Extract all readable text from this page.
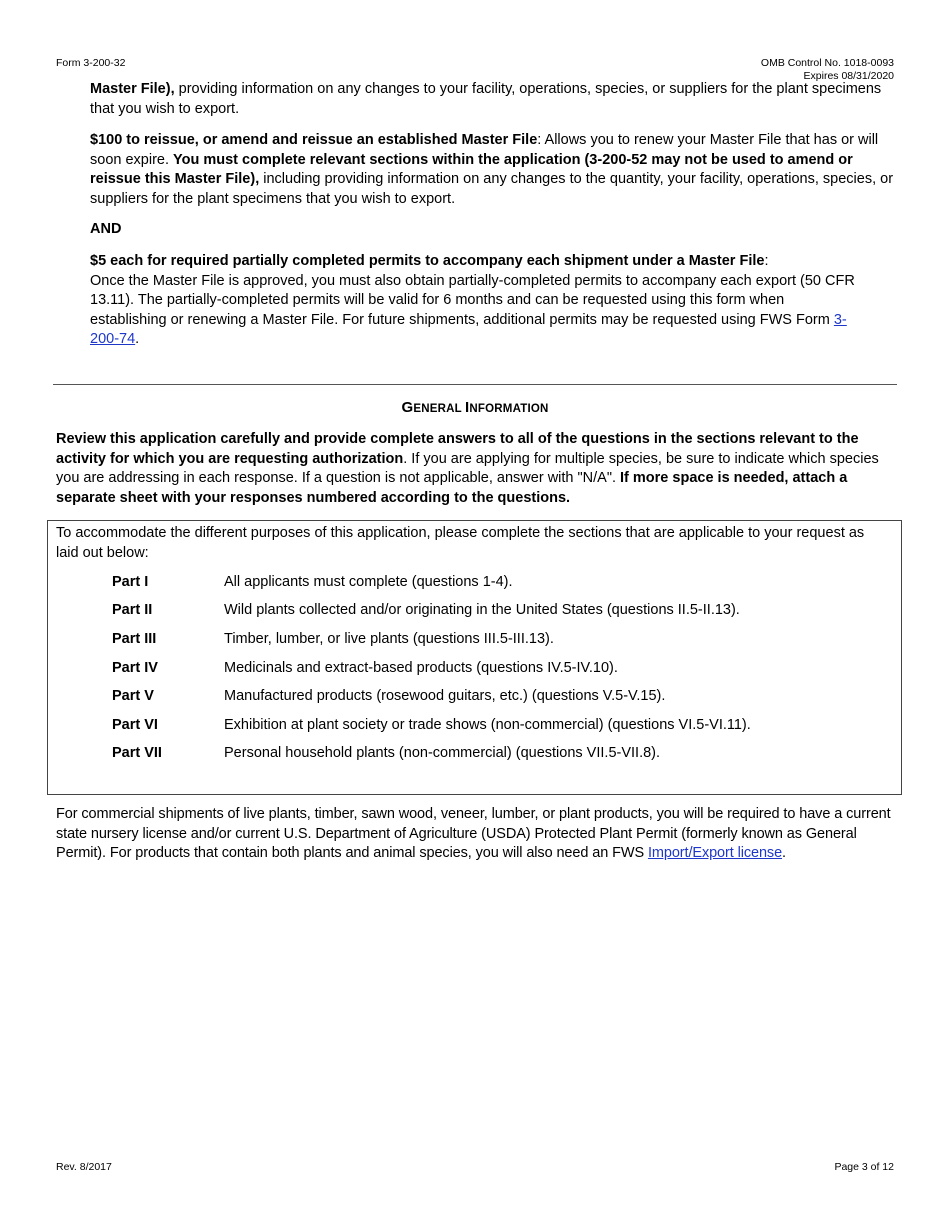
Form 3-200-32	OMB Control No. 1018-0093
Expires 08/31/2020

Master File), providing information on any changes to your facility, operations, species, or suppliers for the plant specimens that you wish to export.

$100 to reissue, or amend and reissue an established Master File: Allows you to renew your Master File that has or will soon expire. You must complete relevant sections within the application (3-200-52 may not be used to amend or reissue this Master File), including providing information on any changes to the quantity, your facility, operations, species, or suppliers for the plant specimens that you wish to export.

AND

$5 each for required partially completed permits to accompany each shipment under a Master File:
Once the Master File is approved, you must also obtain partially-completed permits to accompany each export (50 CFR 13.11). The partially-completed permits will be valid for 6 months and can be requested using this form when establishing or renewing a Master File. For future shipments, additional permits may be requested using FWS Form 3-200-74.

GENERAL INFORMATION

Review this application carefully and provide complete answers to all of the questions in the sections relevant to the activity for which you are requesting authorization. If you are applying for multiple species, be sure to indicate which species you are addressing in each response. If a question is not applicable, answer with "N/A". If more space is needed, attach a separate sheet with your responses numbered according to the questions.

To accommodate the different purposes of this application, please complete the sections that are applicable to your request as laid out below:
Part I	All applicants must complete (questions 1-4).
Part II	Wild plants collected and/or originating in the United States (questions II.5-II.13).
Part III	Timber, lumber, or live plants (questions III.5-III.13).
Part IV	Medicinals and extract-based products (questions IV.5-IV.10).
Part V	Manufactured products (rosewood guitars, etc.) (questions V.5-V.15).
Part VI	Exhibition at plant society or trade shows (non-commercial) (questions VI.5-VI.11).
Part VII	Personal household plants (non-commercial) (questions VII.5-VII.8).

For commercial shipments of live plants, timber, sawn wood, veneer, lumber, or plant products, you will be required to have a current state nursery license and/or current U.S. Department of Agriculture (USDA) Protected Plant Permit (formerly known as General Permit). For products that contain both plants and animal species, you will also need an FWS Import/Export license.

Rev. 8/2017	Page 3 of 12
